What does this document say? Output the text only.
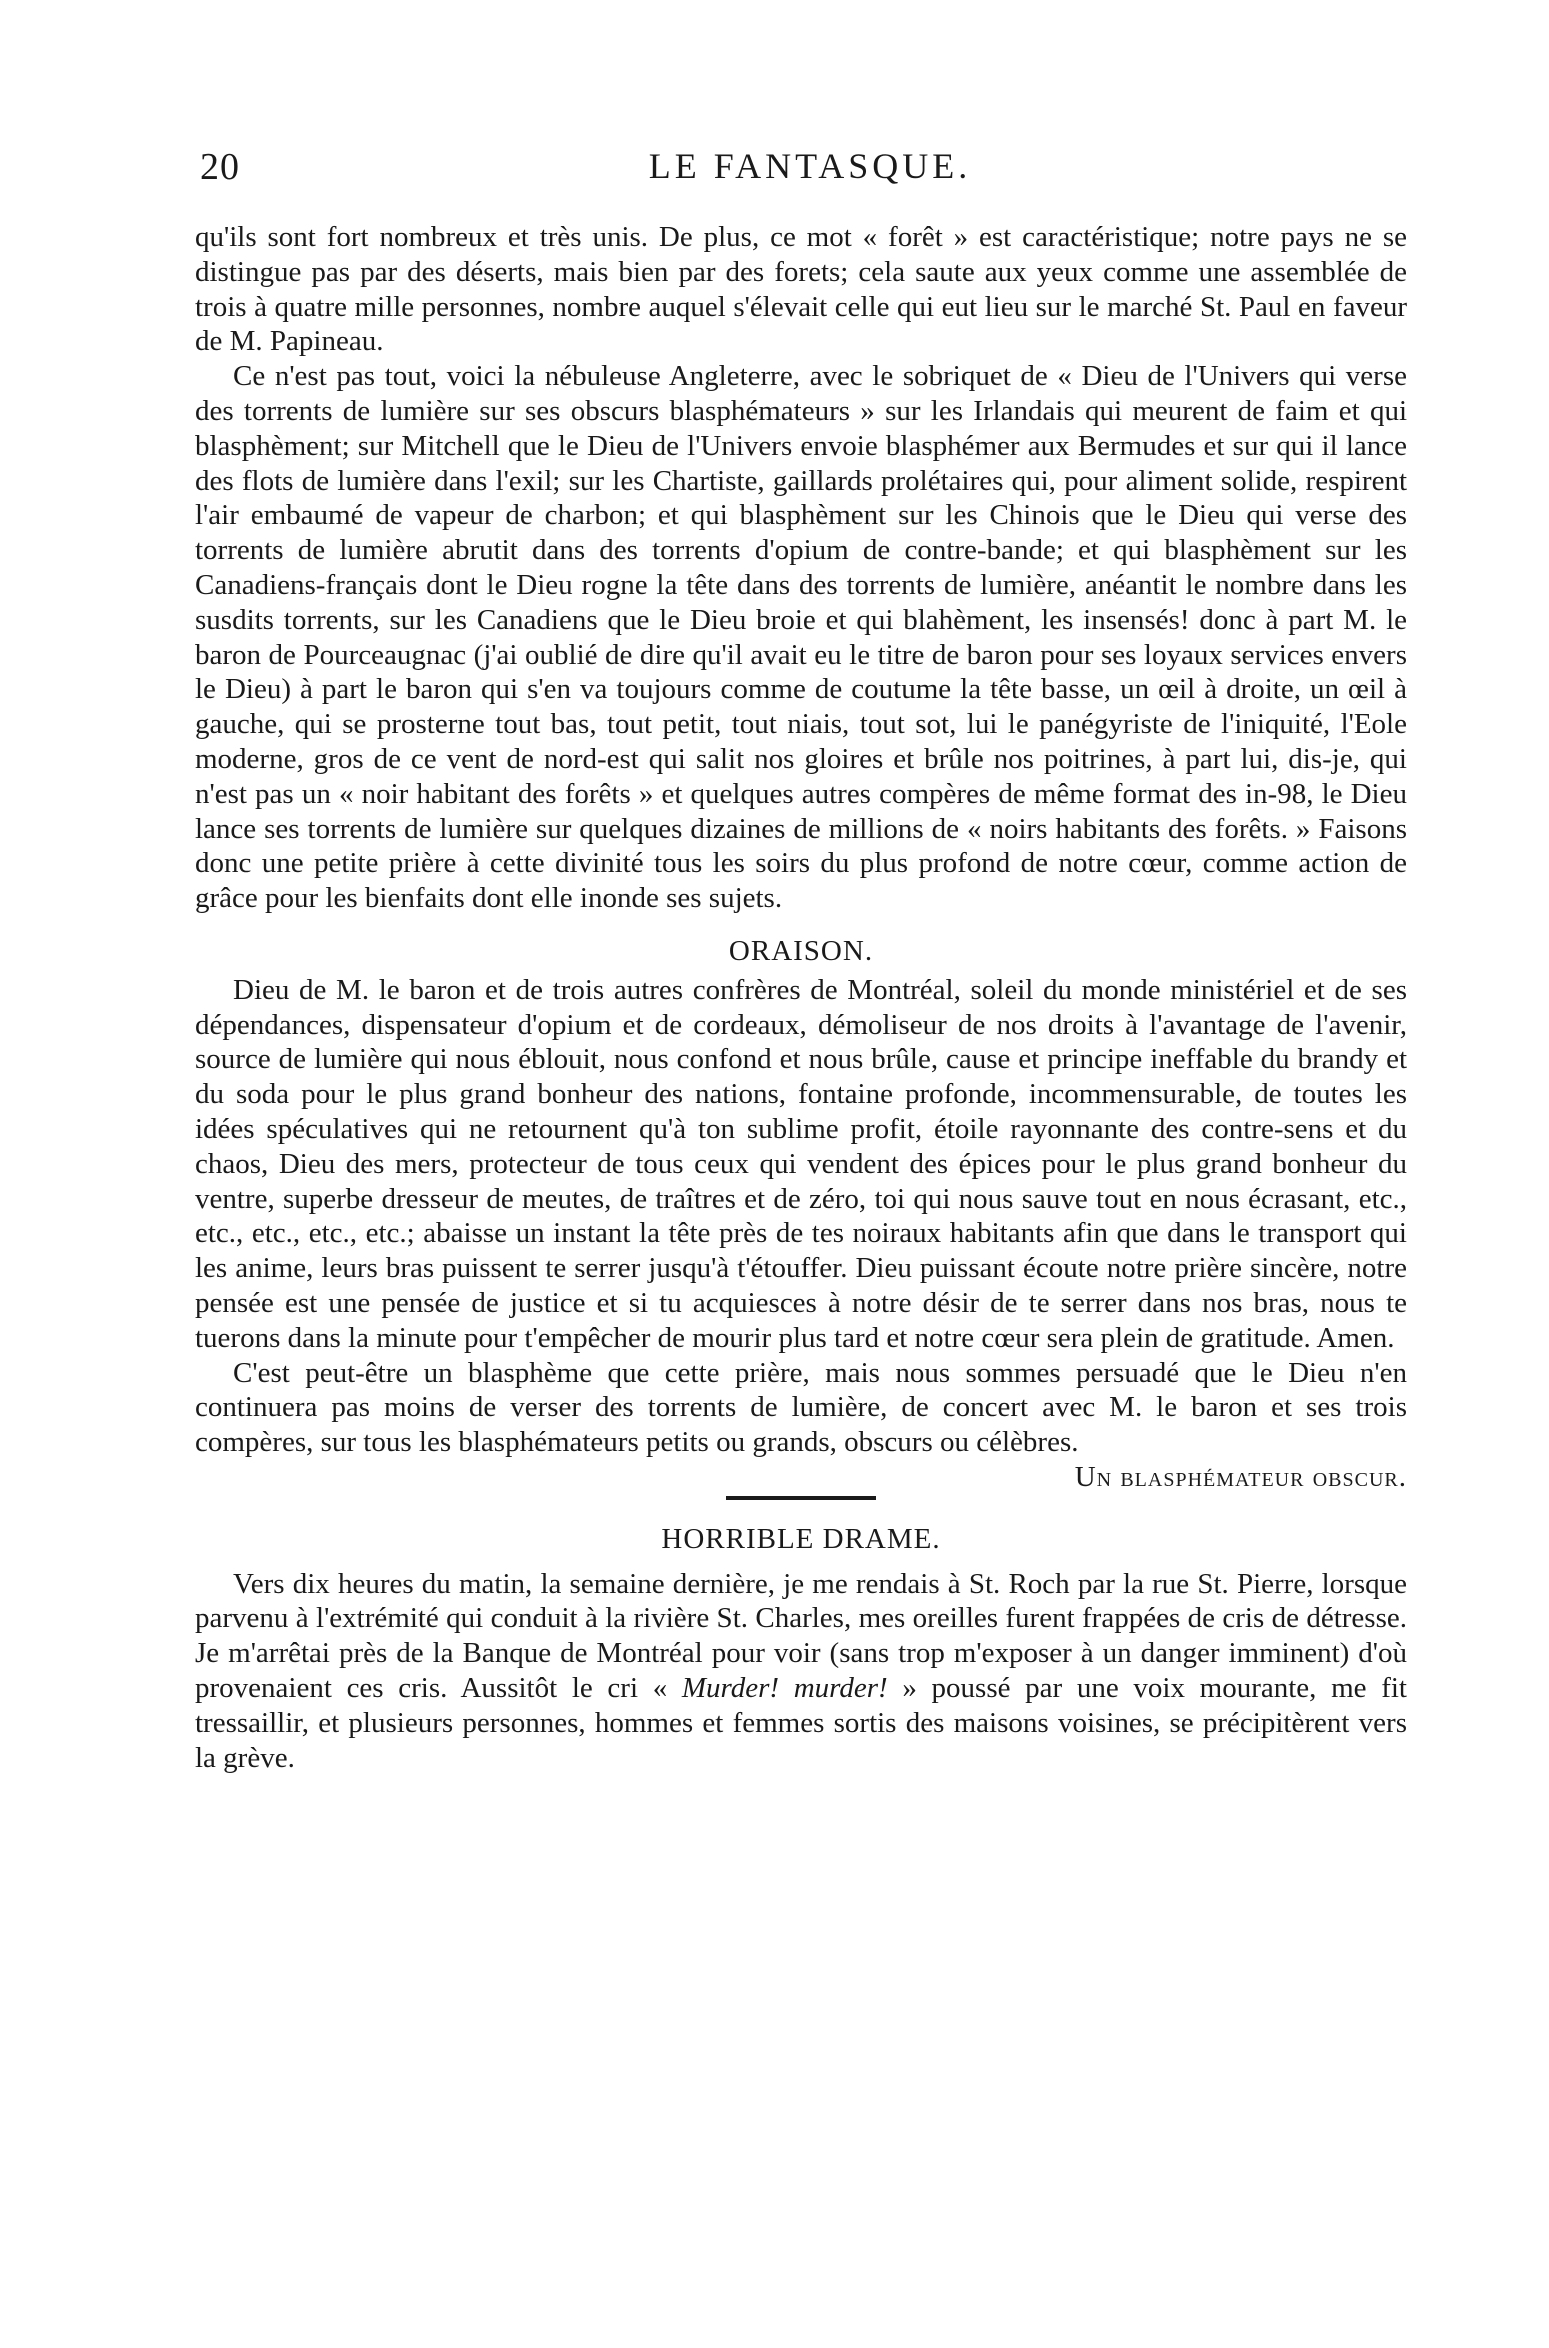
20	LE FANTASQUE.

qu'ils sont fort nombreux et très unis. De plus, ce mot « forêt » est caractéristique; notre pays ne se distingue pas par des déserts, mais bien par des forets; cela saute aux yeux comme une assemblée de trois à quatre mille personnes, nombre auquel s'élevait celle qui eut lieu sur le marché St. Paul en faveur de M. Papineau.

Ce n'est pas tout, voici la nébuleuse Angleterre, avec le sobriquet de « Dieu de l'Univers qui verse des torrents de lumière sur ses obscurs blasphémateurs » sur les Irlandais qui meurent de faim et qui blasphèment; sur Mitchell que le Dieu de l'Univers envoie blasphémer aux Bermudes et sur qui il lance des flots de lumière dans l'exil; sur les Chartiste, gaillards prolétaires qui, pour aliment solide, respirent l'air embaumé de vapeur de charbon; et qui blasphèment sur les Chinois que le Dieu qui verse des torrents de lumière abrutit dans des torrents d'opium de contre-bande; et qui blasphèment sur les Canadiens-français dont le Dieu rogne la tête dans des torrents de lumière, anéantit le nombre dans les susdits torrents, sur les Canadiens que le Dieu broie et qui blahèment, les insensés! donc à part M. le baron de Pourceaugnac (j'ai oublié de dire qu'il avait eu le titre de baron pour ses loyaux services envers le Dieu) à part le baron qui s'en va toujours comme de coutume la tête basse, un œil à droite, un œil à gauche, qui se prosterne tout bas, tout petit, tout niais, tout sot, lui le panégyriste de l'iniquité, l'Eole moderne, gros de ce vent de nord-est qui salit nos gloires et brûle nos poitrines, à part lui, dis-je, qui n'est pas un « noir habitant des forêts » et quelques autres compères de même format des in-98, le Dieu lance ses torrents de lumière sur quelques dizaines de millions de « noirs habitants des forêts. » Faisons donc une petite prière à cette divinité tous les soirs du plus profond de notre cœur, comme action de grâce pour les bienfaits dont elle inonde ses sujets.

ORAISON.

Dieu de M. le baron et de trois autres confrères de Montréal, soleil du monde ministériel et de ses dépendances, dispensateur d'opium et de cordeaux, démoliseur de nos droits à l'avantage de l'avenir, source de lumière qui nous éblouit, nous confond et nous brûle, cause et principe ineffable du brandy et du soda pour le plus grand bonheur des nations, fontaine profonde, incommensurable, de toutes les idées spéculatives qui ne retournent qu'à ton sublime profit, étoile rayonnante des contre-sens et du chaos, Dieu des mers, protecteur de tous ceux qui vendent des épices pour le plus grand bonheur du ventre, superbe dresseur de meutes, de traîtres et de zéro, toi qui nous sauve tout en nous écrasant, etc., etc., etc., etc., etc.; abaisse un instant la tête près de tes noiraux habitants afin que dans le transport qui les anime, leurs bras puissent te serrer jusqu'à t'étouffer. Dieu puissant écoute notre prière sincère, notre pensée est une pensée de justice et si tu acquiesces à notre désir de te serrer dans nos bras, nous te tuerons dans la minute pour t'empêcher de mourir plus tard et notre cœur sera plein de gratitude. Amen.

C'est peut-être un blasphème que cette prière, mais nous sommes persuadé que le Dieu n'en continuera pas moins de verser des torrents de lumière, de concert avec M. le baron et ses trois compères, sur tous les blasphémateurs petits ou grands, obscurs ou célèbres.
Un blasphémateur obscur.

HORRIBLE DRAME.

Vers dix heures du matin, la semaine dernière, je me rendais à St. Roch par la rue St. Pierre, lorsque parvenu à l'extrémité qui conduit à la rivière St. Charles, mes oreilles furent frappées de cris de détresse. Je m'arrêtai près de la Banque de Montréal pour voir (sans trop m'exposer à un danger imminent) d'où provenaient ces cris. Aussitôt le cri « Murder! murder! » poussé par une voix mourante, me fit tressaillir, et plusieurs personnes, hommes et femmes sortis des maisons voisines, se précipitèrent vers la grève.
